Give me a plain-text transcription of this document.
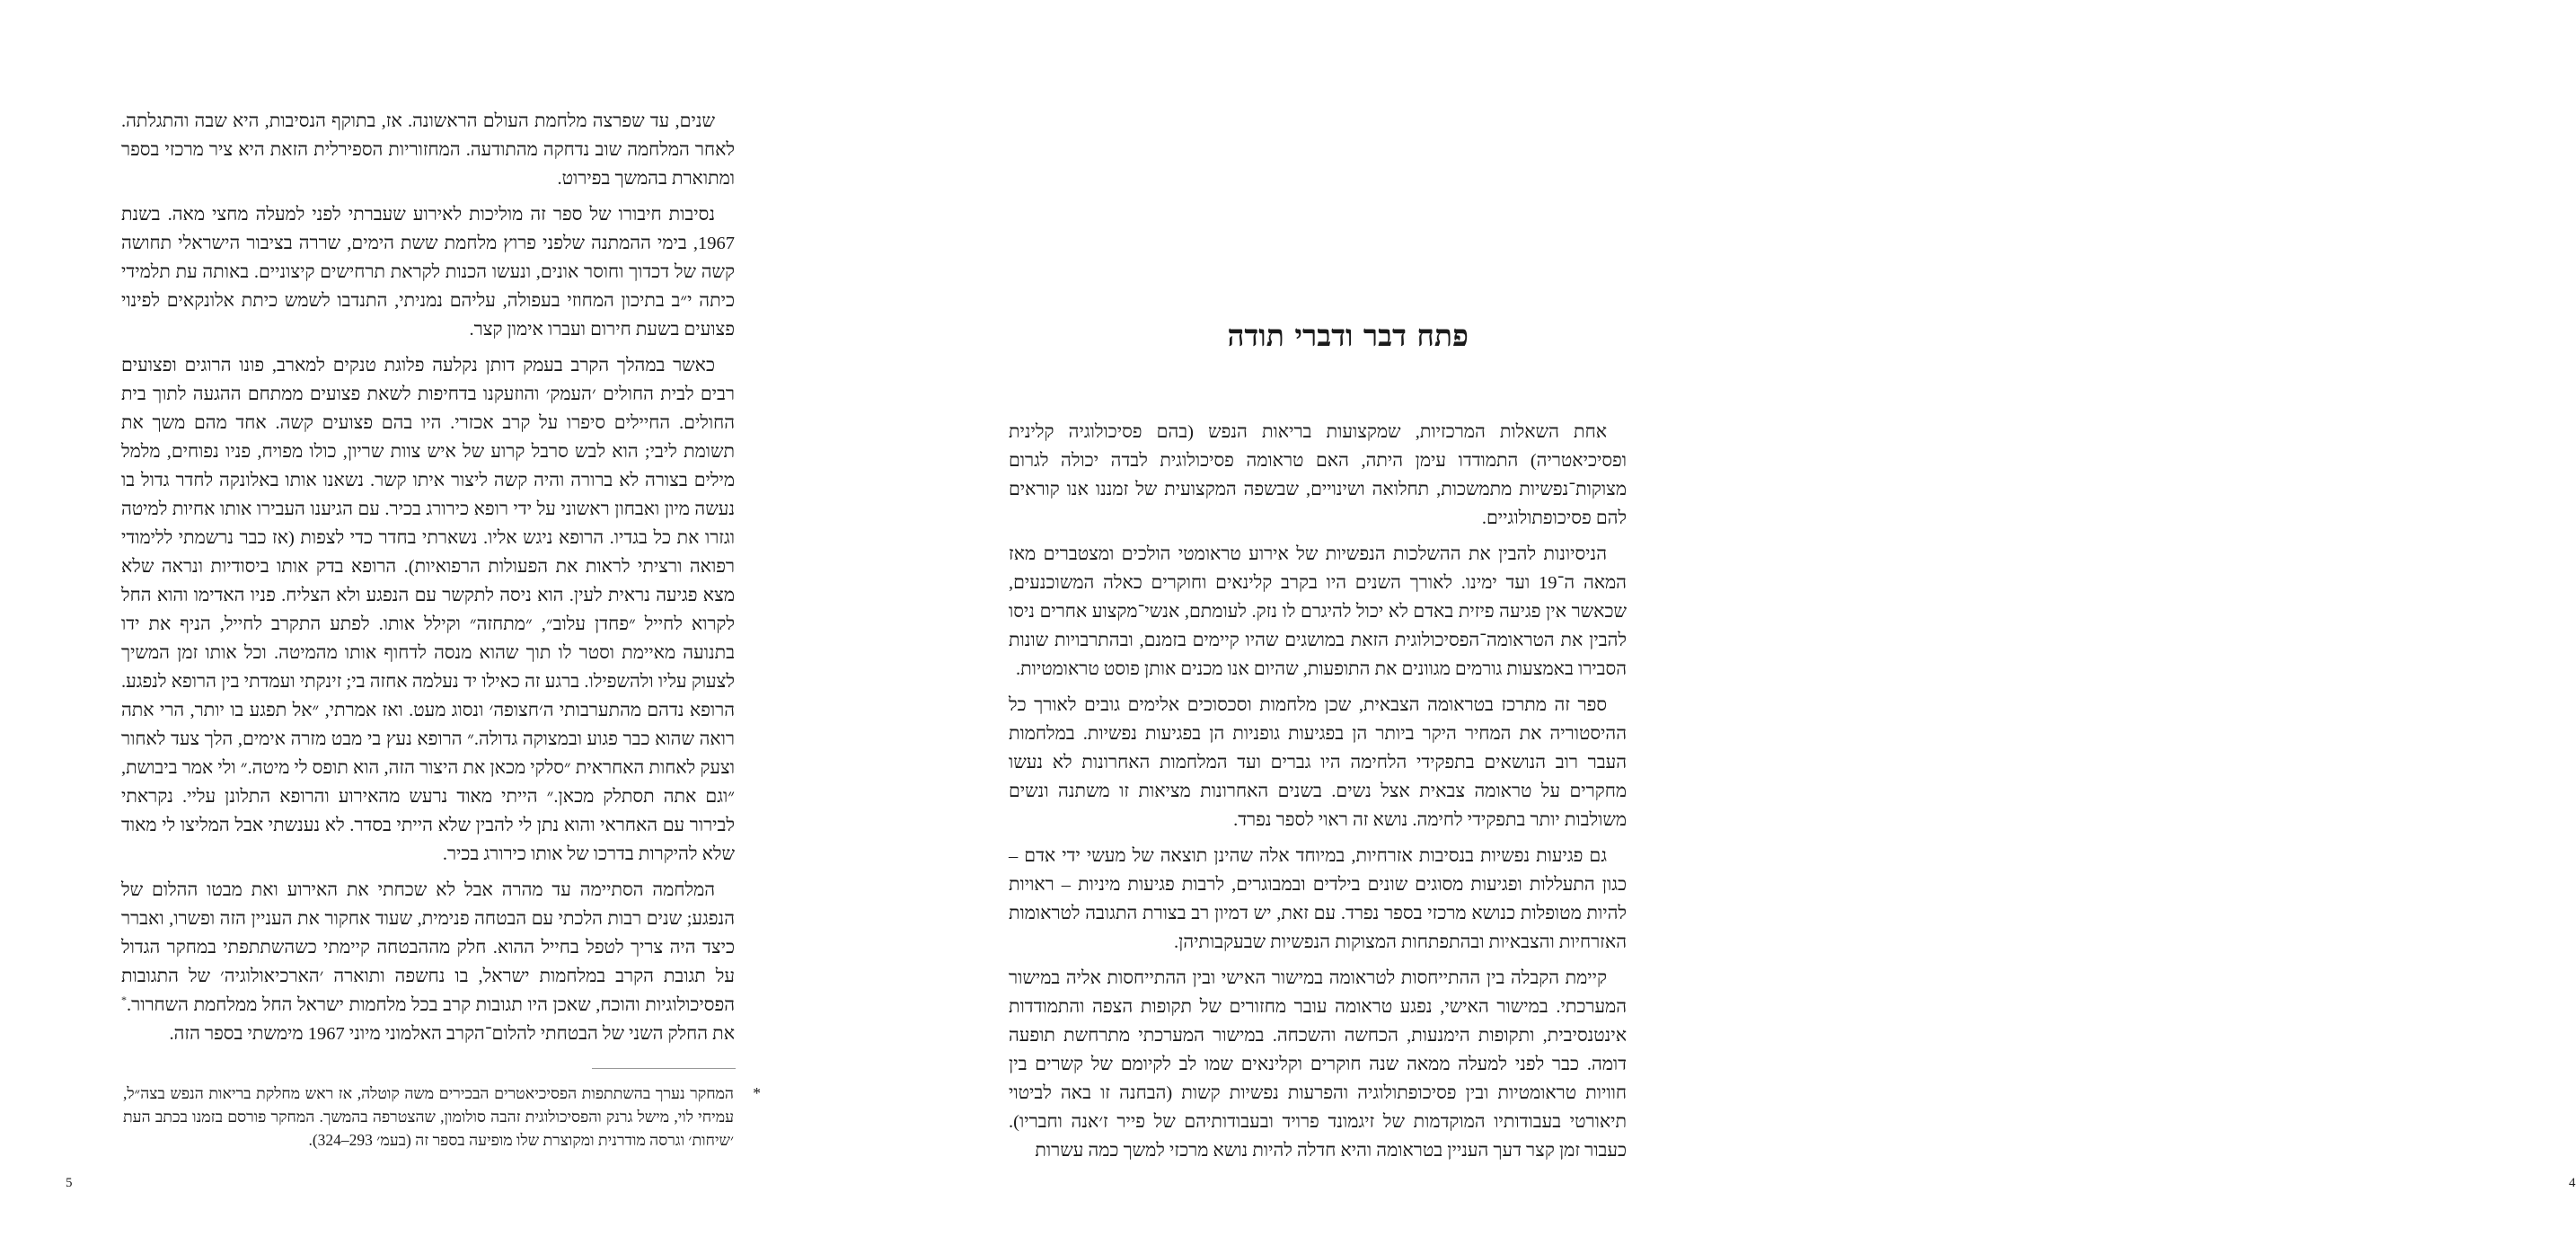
שנים, עד שפרצה מלחמת העולם הראשונה. אז, בתוקף הנסיבות, היא שבה והתגלתה. לאחר המלחמה שוב נדחקה מהתודעה. המחזוריות הספירלית הזאת היא ציר מרכזי בספר ומתוארת בהמשך בפירוט.

נסיבות חיבורו של ספר זה מוליכות לאירוע שעברתי לפני למעלה מחצי מאה. בשנת 1967, בימי ההמתנה שלפני פרוץ מלחמת ששת הימים, שררה בציבור הישראלי תחושה קשה של דכדוך וחוסר אונים, ונעשו הכנות לקראת תרחישים קיצוניים. באותה עת תלמידי כיתה י״ב בתיכון המחוזי בעפולה, עליהם נמניתי, התנדבו לשמש כיתת אלונקאים לפינוי פצועים בשעת חירום ועברו אימון קצר.

כאשר במהלך הקרב בעמק דותן נקלעה פלוגת טנקים למארב, פונו הרוגים ופצועים רבים לבית החולים ׳העמק׳ והוזעקנו בדחיפות לשאת פצועים ממתחם ההגעה לתוך בית החולים. החיילים סיפרו על קרב אכזרי. היו בהם פצועים קשה. אחד מהם משך את תשומת ליבי; הוא לבש סרבל קרוע של איש צוות שריון, כולו מפויח, פניו נפוחים, מלמל מילים בצורה לא ברורה והיה קשה ליצור איתו קשר. נשאנו אותו באלונקה לחדר גדול בו נעשה מיון ואבחון ראשוני על ידי רופא כירורג בכיר. עם הגיענו העבירו אותו אחיות למיטה וגזרו את כל בגדיו. הרופא ניגש אליו. נשארתי בחדר כדי לצפות (אז כבר נרשמתי ללימודי רפואה ורציתי לראות את הפעולות הרפואיות). הרופא בדק אותו ביסודיות ונראה שלא מצא פגיעה נראית לעין. הוא ניסה לתקשר עם הנפגע ולא הצליח. פניו האדימו והוא החל לקרוא לחייל ״פחדן עלוב״, ״מתחזה״ וקילל אותו. לפתע התקרב לחייל, הניף את ידו בתנועה מאיימת וסטר לו תוך שהוא מנסה לדחוף אותו מהמיטה. וכל אותו זמן המשיך לצעוק עליו ולהשפילו. ברגע זה כאילו יד נעלמה אחזה בי; זינקתי ועמדתי בין הרופא לנפגע. הרופא נדהם מהתערבותי ה׳חצופה׳ ונסוג מעט. ואז אמרתי, ״אל תפגע בו יותר, הרי אתה רואה שהוא כבר פגוע ובמצוקה גדולה.״ הרופא נעץ בי מבט מזרה אימים, הלך צעד לאחור וצעק לאחות האחראית ״סלקי מכאן את היצור הזה, הוא תופס לי מיטה.״ ולי אמר ביבושת, ״וגם אתה תסתלק מכאן.״ הייתי מאוד נרעש מהאירוע והרופא התלונן עליי. נקראתי לבירור עם האחראי והוא נתן לי להבין שלא הייתי בסדר. לא נענשתי אבל המליצו לי מאוד שלא להיקרות בדרכו של אותו כירורג בכיר.

המלחמה הסתיימה עד מהרה אבל לא שכחתי את האירוע ואת מבטו ההלום של הנפגע; שנים רבות הלכתי עם הבטחה פנימית, שעוד אחקור את העניין הזה ופשרו, ואברר כיצד היה צריך לטפל בחייל ההוא. חלק מההבטחה קיימתי כשהשתתפתי במחקר הגדול על תגובת הקרב במלחמות ישראל, בו נחשפה ותוארה ׳הארכיאולוגיה׳ של התגובות הפסיכולוגיות והוכח, שאכן היו תגובות קרב בכל מלחמות ישראל החל ממלחמת השחרור.* את החלק השני של הבטחתי להלום־הקרב האלמוני מיוני 1967 מימשתי בספר הזה.

*
המחקר נערך בהשתתפות הפסיכיאטרים הבכירים משה קוטלה, אז ראש מחלקת בריאות הנפש בצה״ל, עמיחי לוי, מישל גרנק והפסיכולוגית זהבה סולומון, שהצטרפה בהמשך. המחקר פורסם בזמנו בכתב העת ׳שיחות׳ וגרסה מודרנית ומקוצרת שלו מופיעה בספר זה (בעמ׳ 293–324).
5
פתח דבר ודברי תודה

אחת השאלות המרכזיות, שמקצועות בריאות הנפש (בהם פסיכולוגיה קלינית ופסיכיאטריה) התמודדו עימן היתה, האם טראומה פסיכולוגית לבדה יכולה לגרום מצוקות־נפשיות מתמשכות, תחלואה ושינויים, שבשפה המקצועית של זמננו אנו קוראים להם פסיכופתולוגיים.

הניסיונות להבין את ההשלכות הנפשיות של אירוע טראומטי הולכים ומצטברים מאז המאה ה־19 ועד ימינו. לאורך השנים היו בקרב קלינאים וחוקרים כאלה המשוכנעים, שכאשר אין פגיעה פיזית באדם לא יכול להיגרם לו נזק. לעומתם, אנשי־מקצוע אחרים ניסו להבין את הטראומה־הפסיכולוגית הזאת במושגים שהיו קיימים בזמנם, ובהתרבויות שונות הסבירו באמצעות גורמים מגוונים את התופעות, שהיום אנו מכנים אותן פוסט טראומטיות.

ספר זה מתרכז בטראומה הצבאית, שכן מלחמות וסכסוכים אלימים גובים לאורך כל ההיסטוריה את המחיר היקר ביותר הן בפגיעות גופניות הן בפגיעות נפשיות. במלחמות העבר רוב הנושאים בתפקידי הלחימה היו גברים ועד המלחמות האחרונות לא נעשו מחקרים על טראומה צבאית אצל נשים. בשנים האחרונות מציאות זו משתנה ונשים משולבות יותר בתפקידי לחימה. נושא זה ראוי לספר נפרד.

גם פגיעות נפשיות בנסיבות אזרחיות, במיוחד אלה שהינן תוצאה של מעשי ידי אדם – כגון התעללות ופגיעות מסוגים שונים בילדים ובמבוגרים, לרבות פגיעות מיניות – ראויות להיות מטופלות כנושא מרכזי בספר נפרד. עם זאת, יש דמיון רב בצורת התגובה לטראומות האזרחיות והצבאיות ובהתפתחות המצוקות הנפשיות שבעקבותיהן.

קיימת הקבלה בין ההתייחסות לטראומה במישור האישי ובין ההתייחסות אליה במישור המערכתי. במישור האישי, נפגע טראומה עובר מחזורים של תקופות הצפה והתמודדות אינטנסיבית, ותקופות הימנעות, הכחשה והשכחה. במישור המערכתי מתרחשת תופעה דומה. כבר לפני למעלה ממאה שנה חוקרים וקלינאים שמו לב לקיומם של קשרים בין חוויות טראומטיות ובין פסיכופתולוגיה והפרעות נפשיות קשות (הבחנה זו באה לביטוי תיאורטי בעבודותיו המוקדמות של זיגמונד פרויד ובעבודותיהם של פייר ז׳אנה וחבריו). כעבור זמן קצר דעך העניין בטראומה והיא חדלה להיות נושא מרכזי למשך כמה עשרות

4
